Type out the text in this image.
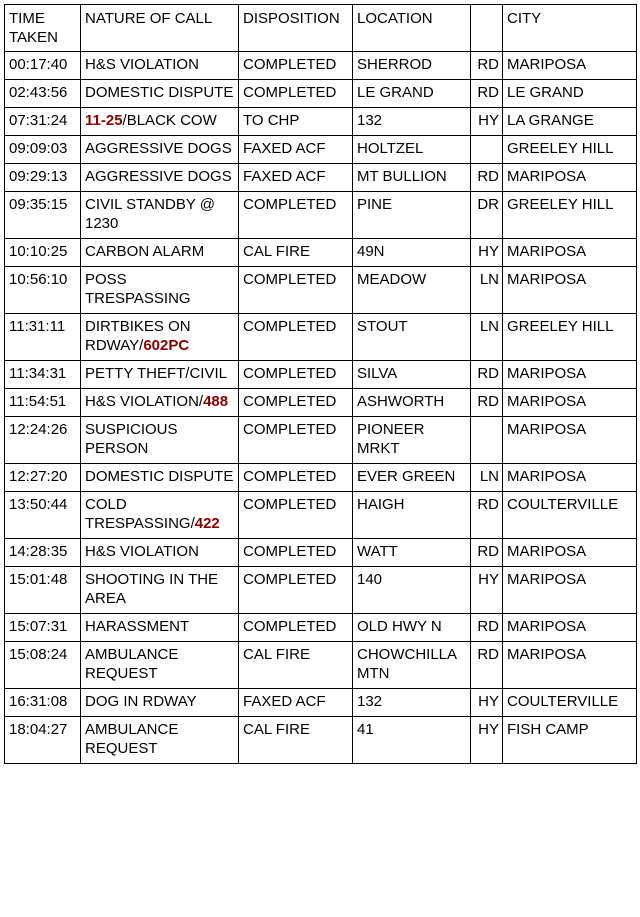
TIME TAKEN	NATURE OF CALL	DISPOSITION	LOCATION		CITY
00:17:40	H&S VIOLATION	COMPLETED	SHERROD	RD	MARIPOSA
02:43:56	DOMESTIC DISPUTE	COMPLETED	LE GRAND	RD	LE GRAND
07:31:24	11-25/BLACK COW	TO CHP	132	HY	LA GRANGE
09:09:03	AGGRESSIVE DOGS	FAXED ACF	HOLTZEL		GREELEY HILL
09:29:13	AGGRESSIVE DOGS	FAXED ACF	MT BULLION	RD	MARIPOSA
09:35:15	CIVIL STANDBY @ 1230	COMPLETED	PINE	DR	GREELEY HILL
10:10:25	CARBON ALARM	CAL FIRE	49N	HY	MARIPOSA
10:56:10	POSS TRESPASSING	COMPLETED	MEADOW	LN	MARIPOSA
11:31:11	DIRTBIKES ON RDWAY/602PC	COMPLETED	STOUT	LN	GREELEY HILL
11:34:31	PETTY THEFT/CIVIL	COMPLETED	SILVA	RD	MARIPOSA
11:54:51	H&S VIOLATION/488	COMPLETED	ASHWORTH	RD	MARIPOSA
12:24:26	SUSPICIOUS PERSON	COMPLETED	PIONEER MRKT		MARIPOSA
12:27:20	DOMESTIC DISPUTE	COMPLETED	EVER GREEN	LN	MARIPOSA
13:50:44	COLD TRESPASSING/422	COMPLETED	HAIGH	RD	COULTERVILLE
14:28:35	H&S VIOLATION	COMPLETED	WATT	RD	MARIPOSA
15:01:48	SHOOTING IN THE AREA	COMPLETED	140	HY	MARIPOSA
15:07:31	HARASSMENT	COMPLETED	OLD HWY N	RD	MARIPOSA
15:08:24	AMBULANCE REQUEST	CAL FIRE	CHOWCHILLA MTN	RD	MARIPOSA
16:31:08	DOG IN RDWAY	FAXED ACF	132	HY	COULTERVILLE
18:04:27	AMBULANCE REQUEST	CAL FIRE	41	HY	FISH CAMP
